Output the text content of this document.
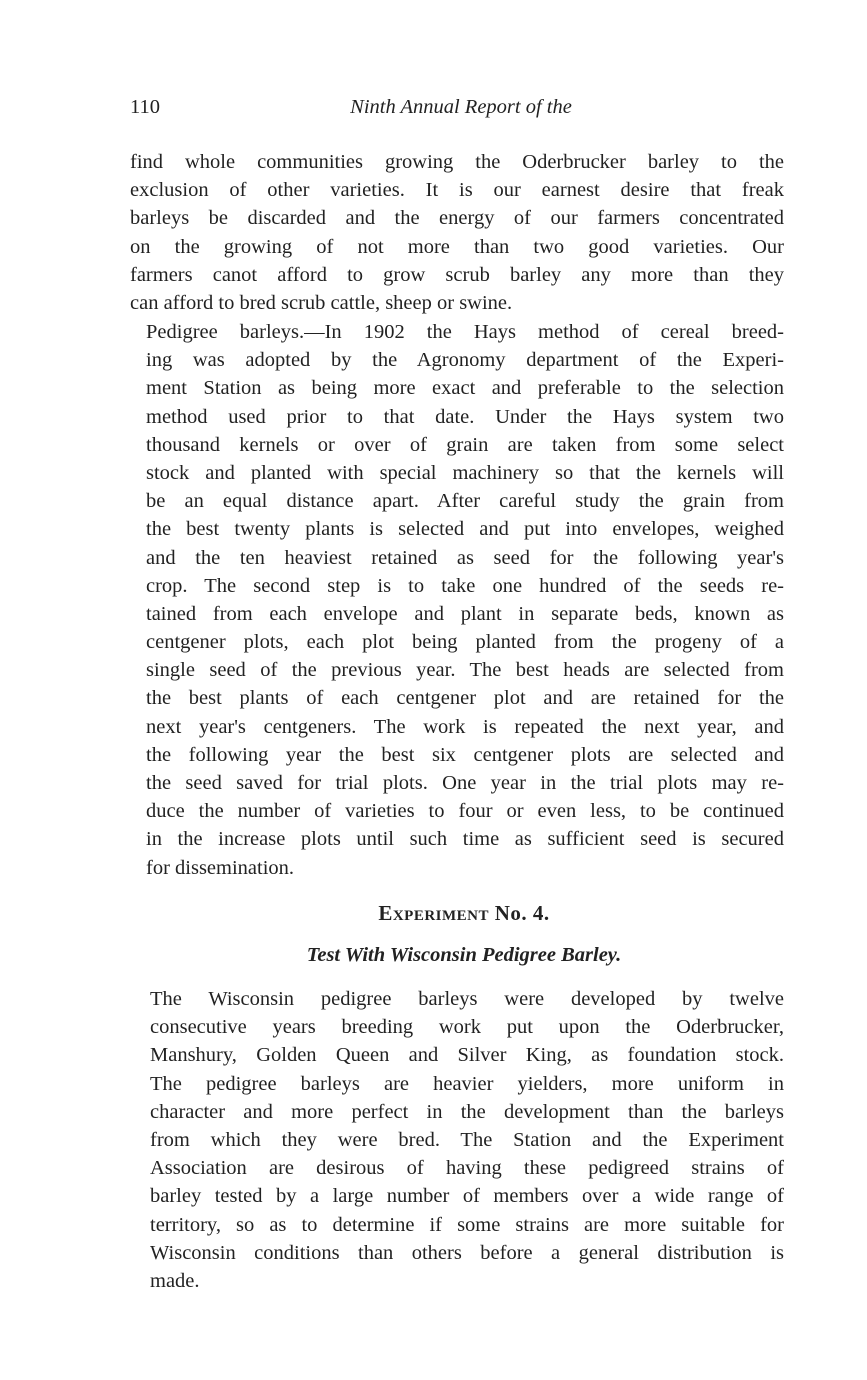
110	Ninth Annual Report of the
find whole communities growing the Oderbrucker barley to the
exclusion of other varieties. It is our earnest desire that freak
barleys be discarded and the energy of our farmers concentrated
on the growing of not more than two good varieties. Our
farmers canot afford to grow scrub barley any more than they
can afford to bred scrub cattle, sheep or swine.
Pedigree barleys.—In 1902 the Hays method of cereal breed-
ing was adopted by the Agronomy department of the Experi-
ment Station as being more exact and preferable to the selection
method used prior to that date. Under the Hays system two
thousand kernels or over of grain are taken from some select
stock and planted with special machinery so that the kernels will
be an equal distance apart. After careful study the grain from
the best twenty plants is selected and put into envelopes, weighed
and the ten heaviest retained as seed for the following year's
crop. The second step is to take one hundred of the seeds re-
tained from each envelope and plant in separate beds, known as
centgener plots, each plot being planted from the progeny of a
single seed of the previous year. The best heads are selected from
the best plants of each centgener plot and are retained for the
next year's centgeners. The work is repeated the next year, and
the following year the best six centgener plots are selected and
the seed saved for trial plots. One year in the trial plots may re-
duce the number of varieties to four or even less, to be continued
in the increase plots until such time as sufficient seed is secured
for dissemination.
Experiment No. 4.
Test With Wisconsin Pedigree Barley.
The Wisconsin pedigree barleys were developed by twelve
consecutive years breeding work put upon the Oderbrucker,
Manshury, Golden Queen and Silver King, as foundation stock.
The pedigree barleys are heavier yielders, more uniform in
character and more perfect in the development than the barleys
from which they were bred. The Station and the Experiment
Association are desirous of having these pedigreed strains of
barley tested by a large number of members over a wide range of
territory, so as to determine if some strains are more suitable for
Wisconsin conditions than others before a general distribution is
made.
